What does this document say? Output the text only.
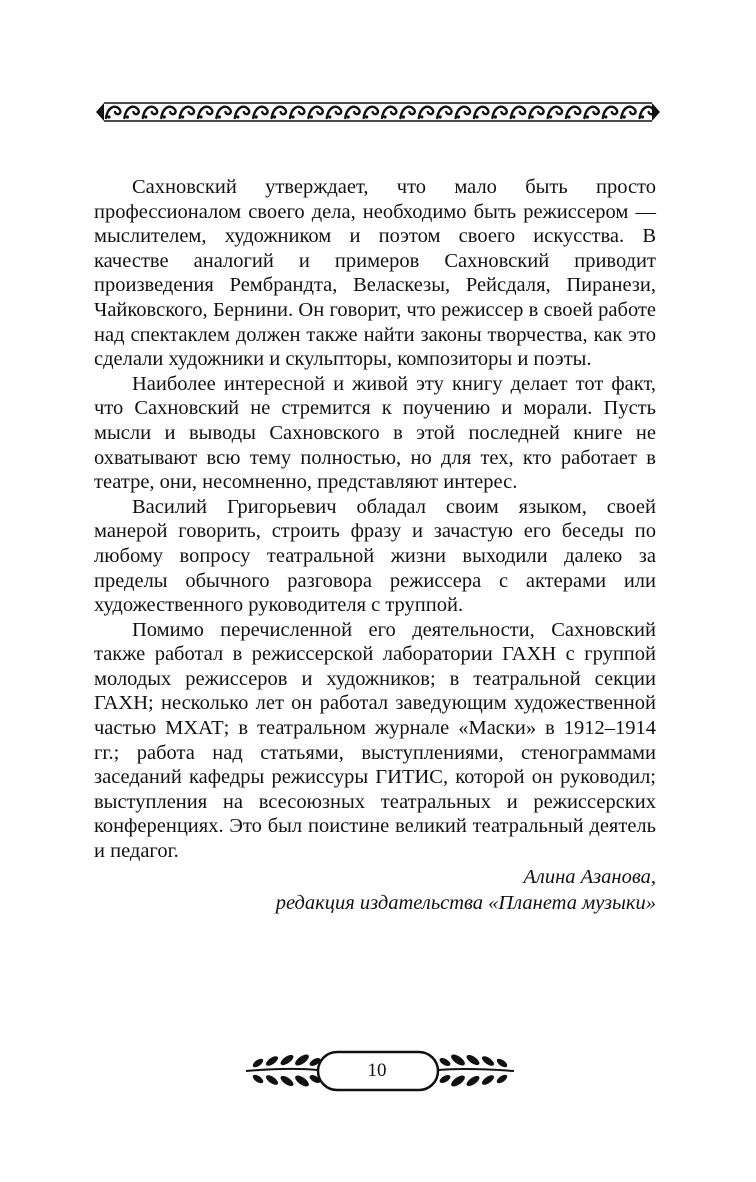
Сахновский утверждает, что мало быть просто профессионалом своего дела, необходимо быть режиссером — мыслителем, художником и поэтом своего искусства. В качестве аналогий и примеров Сахновский приводит произведения Рембрандта, Веласкезы, Рейсдаля, Пиранези, Чайковского, Бернини. Он говорит, что режиссер в своей работе над спектаклем должен также найти законы творчества, как это сделали художники и скульпторы, композиторы и поэты.

Наиболее интересной и живой эту книгу делает тот факт, что Сахновский не стремится к поучению и морали. Пусть мысли и выводы Сахновского в этой последней книге не охватывают всю тему полностью, но для тех, кто работает в театре, они, несомненно, представляют интерес.

Василий Григорьевич обладал своим языком, своей манерой говорить, строить фразу и зачастую его беседы по любому вопросу театральной жизни выходили далеко за пределы обычного разговора режиссера с актерами или художественного руководителя с труппой.

Помимо перечисленной его деятельности, Сахновский также работал в режиссерской лаборатории ГАХН с группой молодых режиссеров и художников; в театральной секции ГАХН; несколько лет он работал заведующим художественной частью МХАТ; в театральном журнале «Маски» в 1912–1914 гг.; работа над статьями, выступлениями, стенограммами заседаний кафедры режиссуры ГИТИС, которой он руководил; выступления на всесоюзных театральных и режиссерских конференциях. Это был поистине великий театральный деятель и педагог.

Алина Азанова,
редакция издательства «Планета музыки»
10
